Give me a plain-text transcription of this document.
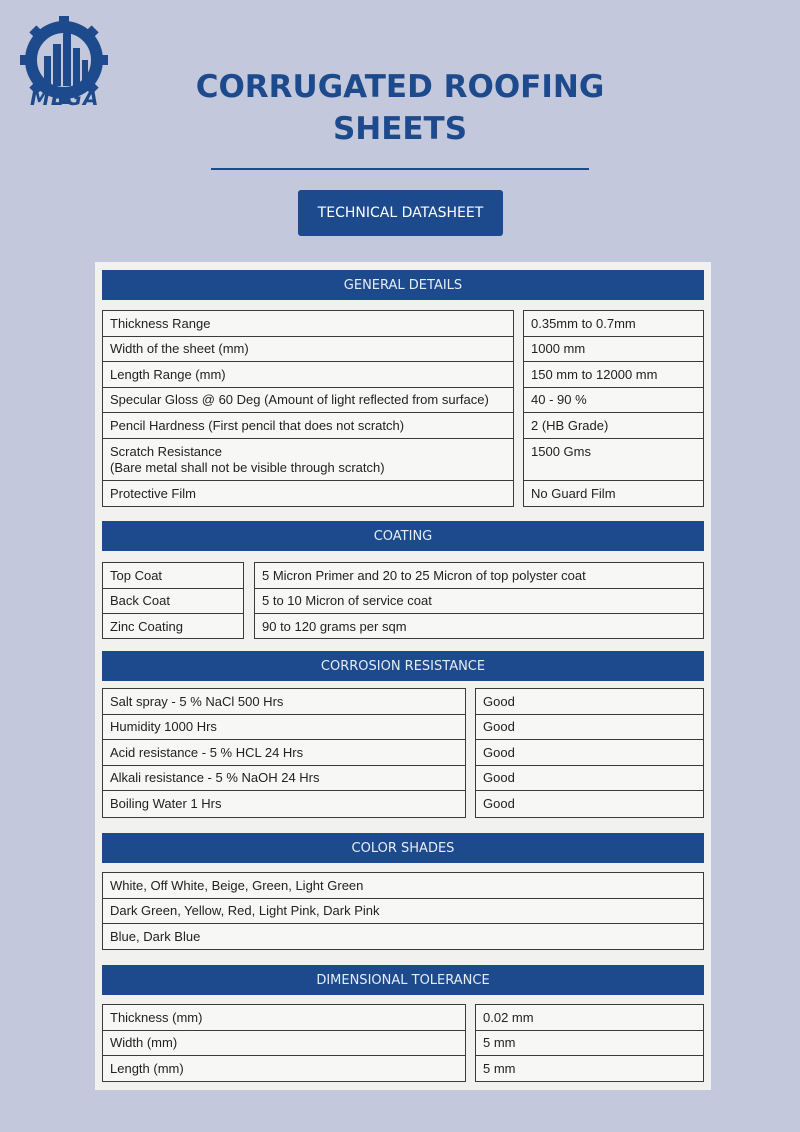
MEGA	CORRUGATED ROOFING
SHEETS
TECHNICAL DATASHEET
GENERAL DETAILS
Thickness Range
Width of the sheet (mm)
Length Range (mm)
Specular Gloss @ 60 Deg (Amount of light reflected from surface)
Pencil Hardness (First pencil that does not scratch)
Scratch Resistance
(Bare metal shall not be visible through scratch)
Protective Film
0.35mm to 0.7mm
1000 mm
150 mm to 12000 mm
40 - 90 %
2 (HB Grade)
1500 Gms
No Guard Film
COATING
Top Coat
Back Coat
Zinc Coating
5 Micron Primer and 20 to 25 Micron of top polyster coat
5 to 10 Micron of service coat
90 to 120 grams per sqm
CORROSION RESISTANCE
Salt spray - 5 % NaCl 500 Hrs
Humidity 1000 Hrs
Acid resistance - 5 % HCL 24 Hrs
Alkali resistance - 5 % NaOH 24 Hrs
Boiling Water 1 Hrs
Good
Good
Good
Good
Good
COLOR SHADES
White, Off White, Beige, Green, Light Green
Dark Green, Yellow, Red, Light Pink, Dark Pink
Blue, Dark Blue
DIMENSIONAL TOLERANCE
Thickness (mm)
Width (mm)
Length (mm)
0.02 mm
5 mm
5 mm
